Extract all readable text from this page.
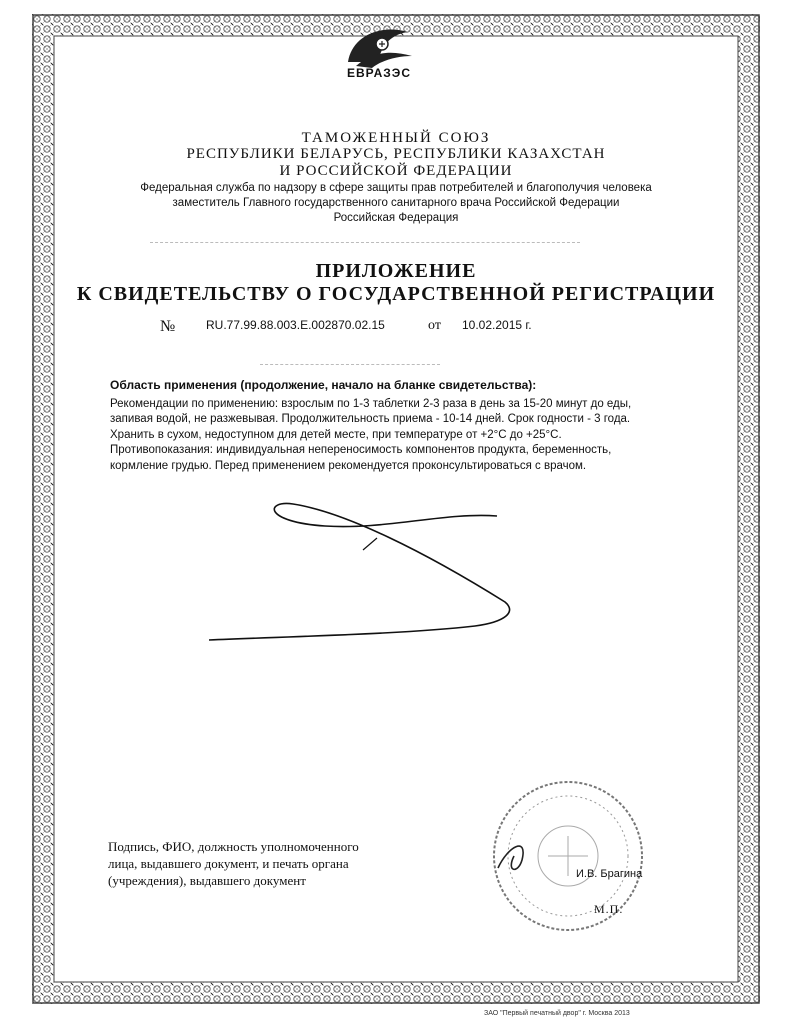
ЕВРАЗЭС
ТАМОЖЕННЫЙ СОЮЗ
РЕСПУБЛИКИ БЕЛАРУСЬ, РЕСПУБЛИКИ КАЗАХСТАН
И РОССИЙСКОЙ ФЕДЕРАЦИИ
Федеральная служба по надзору в сфере защиты прав потребителей и благополучия человека
заместитель Главного государственного санитарного врача Российской Федерации
Российская Федерация
ПРИЛОЖЕНИЕ
К СВИДЕТЕЛЬСТВУ О ГОСУДАРСТВЕННОЙ РЕГИСТРАЦИИ
№	RU.77.99.88.003.E.002870.02.15	от 10.02.2015 г.
Область применения (продолжение, начало на бланке свидетельства):

Рекомендации по применению: взрослым по 1-3 таблетки 2-3 раза в день за 15-20 минут до еды,

запивая водой, не разжевывая. Продолжительность приема - 10-14 дней. Срок годности - 3 года.

Хранить в сухом, недоступном для детей месте, при температуре от +2°С до +25°С.

Противопоказания: индивидуальная непереносимость компонентов продукта, беременность,

кормление грудью. Перед применением рекомендуется проконсультироваться с врачом.

Подпись, ФИО, должность уполномоченного
лица, выдавшего документ, и печать органа
(учреждения), выдавшего документ	И.В. Брагина
М.П.
ЗАО "Первый печатный двор" г. Москва 2013
